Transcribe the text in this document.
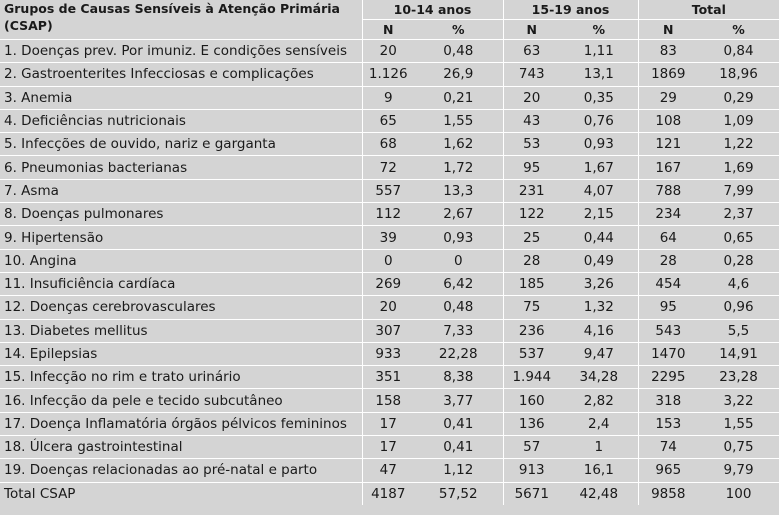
Grupos de Causas Sensíveis à Atenção Primária (CSAP)	10-14 anos		15-19 anos		Total	
	N	%	N	%	N	%
1. Doenças prev. Por imuniz. E condições sensíveis	20	0,48	63	1,11	83	0,84
2. Gastroenterites Infecciosas e complicações	1.126	26,9	743	13,1	1869	18,96
3. Anemia	9	0,21	20	0,35	29	0,29
4. Deficiências nutricionais	65	1,55	43	0,76	108	1,09
5. Infecções de ouvido, nariz e garganta	68	1,62	53	0,93	121	1,22
6. Pneumonias bacterianas	72	1,72	95	1,67	167	1,69
7. Asma	557	13,3	231	4,07	788	7,99
8. Doenças pulmonares	112	2,67	122	2,15	234	2,37
9. Hipertensão	39	0,93	25	0,44	64	0,65
10. Angina	0	0	28	0,49	28	0,28
11. Insuficiência cardíaca	269	6,42	185	3,26	454	4,6
12. Doenças cerebrovasculares	20	0,48	75	1,32	95	0,96
13. Diabetes mellitus	307	7,33	236	4,16	543	5,5
14. Epilepsias	933	22,28	537	9,47	1470	14,91
15. Infecção no rim e trato urinário	351	8,38	1.944	34,28	2295	23,28
16. Infecção da pele e tecido subcutâneo	158	3,77	160	2,82	318	3,22
17. Doença Inflamatória órgãos pélvicos femininos	17	0,41	136	2,4	153	1,55
18. Úlcera gastrointestinal	17	0,41	57	1	74	0,75
19. Doenças relacionadas ao pré-natal e parto	47	1,12	913	16,1	965	9,79
Total CSAP	4187	57,52	5671	42,48	9858	100
